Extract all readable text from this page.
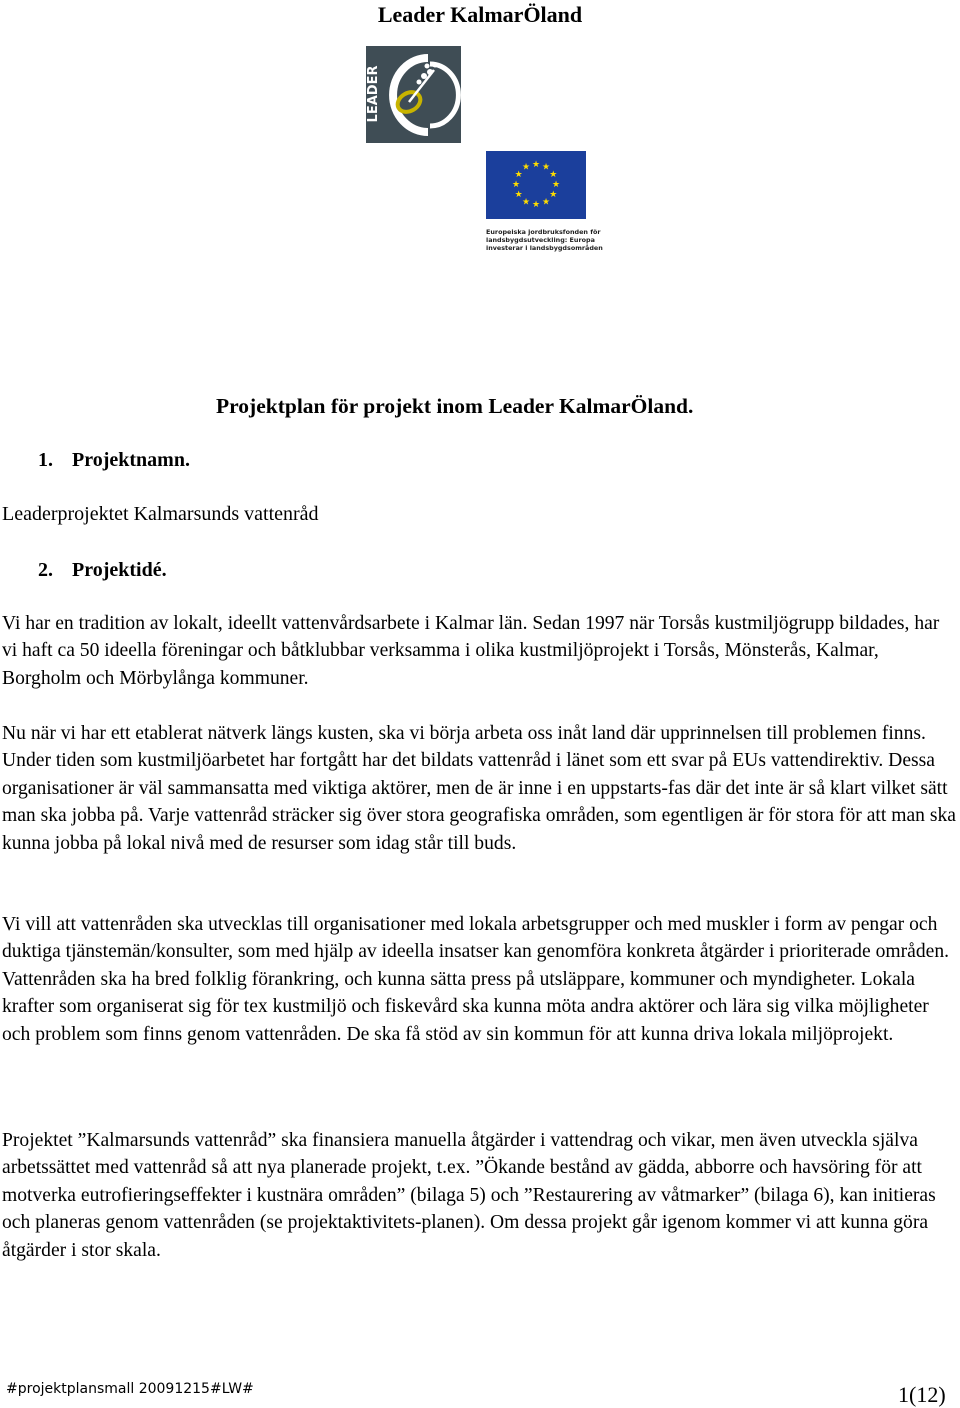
Leader KalmarÖland
LEADER
★ ★
★
★
★
★
★
★
★
★
★
★
Europeiska jordbruksfonden för
landsbygdsutveckling: Europa
investerar i landsbygdsområden
Projektplan för projekt inom Leader KalmarÖland.
1. Projektnamn.
Leaderprojektet Kalmarsunds vattenråd
2. Projektidé.

Vi har en tradition av lokalt, ideellt vattenvårdsarbete i Kalmar län. Sedan 1997 när Torsås kustmiljögrupp bildades, har vi haft ca 50 ideella föreningar och båtklubbar verksamma i olika kustmiljöprojekt i Torsås, Mönsterås, Kalmar, Borgholm och Mörbylånga kommuner.

Nu när vi har ett etablerat nätverk längs kusten, ska vi börja arbeta oss inåt land där upprinnelsen till problemen finns. Under tiden som kustmiljöarbetet har fortgått har det bildats vattenråd i länet som ett svar på EUs vattendirektiv. Dessa organisationer är väl sammansatta med viktiga aktörer, men de är inne i en uppstarts-fas där det inte är så klart vilket sätt man ska jobba på. Varje vattenråd sträcker sig över stora geografiska områden, som egentligen är för stora för att man ska kunna jobba på lokal nivå med de resurser som idag står till buds.

Vi vill att vattenråden ska utvecklas till organisationer med lokala arbetsgrupper och med muskler i form av pengar och duktiga tjänstemän/konsulter, som med hjälp av ideella insatser kan genomföra konkreta åtgärder i prioriterade områden.

Vattenråden ska ha bred folklig förankring, och kunna sätta press på utsläppare, kommuner och myndigheter. Lokala krafter som organiserat sig för tex kustmiljö och fiskevård ska kunna möta andra aktörer och lära sig vilka möjligheter och problem som finns genom vattenråden. De ska få stöd av sin kommun för att kunna driva lokala miljöprojekt.

Projektet ”Kalmarsunds vattenråd” ska finansiera manuella åtgärder i vattendrag och vikar, men även utveckla själva arbetssättet med vattenråd så att nya planerade projekt, t.ex. ”Ökande bestånd av gädda, abborre och havsöring för att motverka eutrofieringseffekter i kustnära områden” (bilaga 5) och ”Restaurering av våtmarker” (bilaga 6), kan initieras och planeras genom vattenråden (se projektaktivitets-planen). Om dessa projekt går igenom kommer vi att kunna göra åtgärder i stor skala.

#projektplansmall 20091215#LW#	1(12)
